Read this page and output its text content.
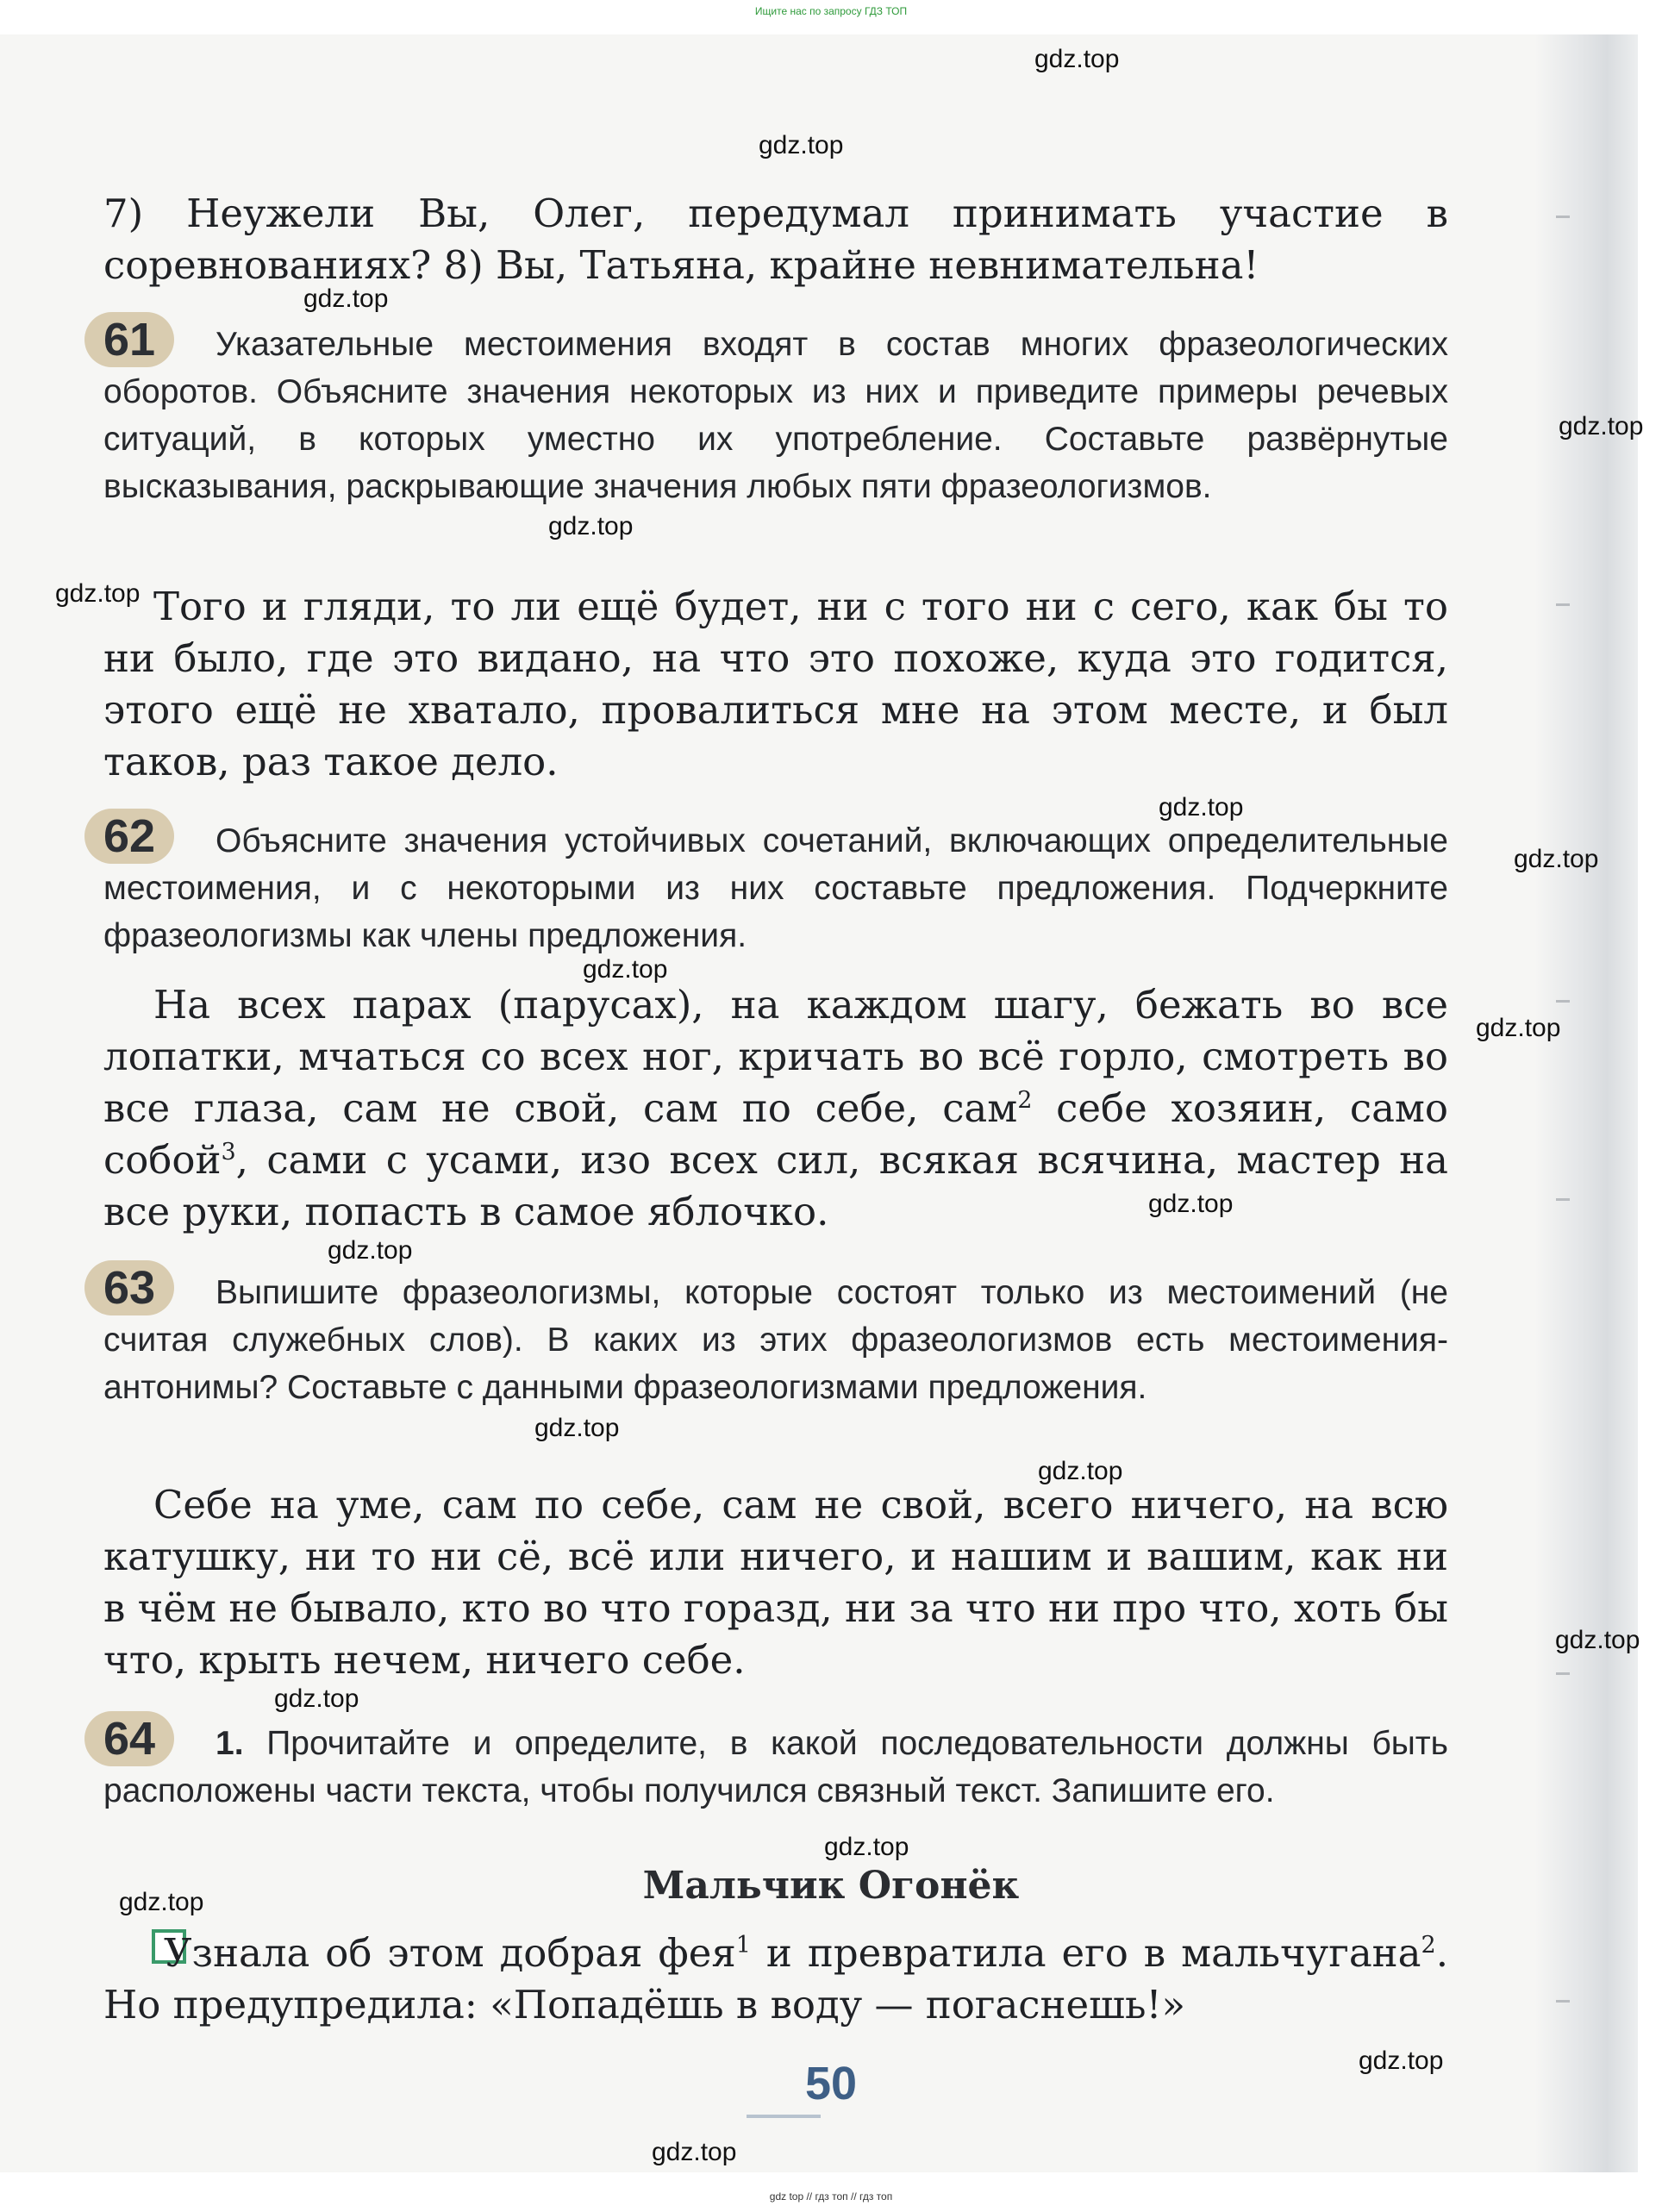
Ищите нас по запросу ГДЗ ТОП

7) Неужели Вы, Олег, передумал принимать участие в соревнованиях? 8) Вы, Татьяна, крайне невнимательна!

61	Указательные местоимения входят в состав многих фразеологических оборотов. Объясните значения некоторых из них и приведите примеры речевых ситуаций, в которых уместно их употребление. Составьте развёрнутые высказывания, раскрывающие значения любых пяти фразеологизмов.

Того и гляди, то ли ещё будет, ни с того ни с сего, как бы то ни было, где это видано, на что это похоже, куда это годится, этого ещё не хватало, провалиться мне на этом месте, и был таков, раз такое дело.

62	Объясните значения устойчивых сочетаний, включающих определительные местоимения, и с некоторыми из них составьте предложения. Подчеркните фразеологизмы как члены предложения.

На всех парах (парусах), на каждом шагу, бежать во все лопатки, мчаться со всех ног, кричать во всё горло, смотреть во все глаза, сам не свой, сам по себе, сам$^2$ себе хозяин, само собой$^3$, сами с усами, изо всех сил, всякая всячина, мастер на все руки, попасть в самое яблочко.

63	Выпишите фразеологизмы, которые состоят только из местоимений (не считая служебных слов). В каких из этих фразеологизмов есть местоимения-антонимы? Составьте с данными фразеологизмами предложения.

Себе на уме, сам по себе, сам не свой, всего ничего, на всю катушку, ни то ни сё, всё или ничего, и нашим и вашим, как ни в чём не бывало, кто во что горазд, ни за что ни про что, хоть бы что, крыть нечем, ничего себе.

64	1. Прочитайте и определите, в какой последовательности должны быть расположены части текста, чтобы получился связный текст. Запишите его.

Мальчик Огонёк

Узнала об этом добрая фея$^1$ и превратила его в мальчугана$^2$. Но предупредила: «Попадёшь в воду — погаснешь!»

50
gdz.top
gdz.top
gdz.top
gdz.top
gdz.top
gdz.top
gdz.top
gdz.top
gdz.top
gdz.top
gdz.top
gdz.top
gdz.top
gdz.top
gdz.top
gdz.top
gdz.top
gdz.top
gdz.top
gdz.top
gdz top // гдз топ // гдз топ
